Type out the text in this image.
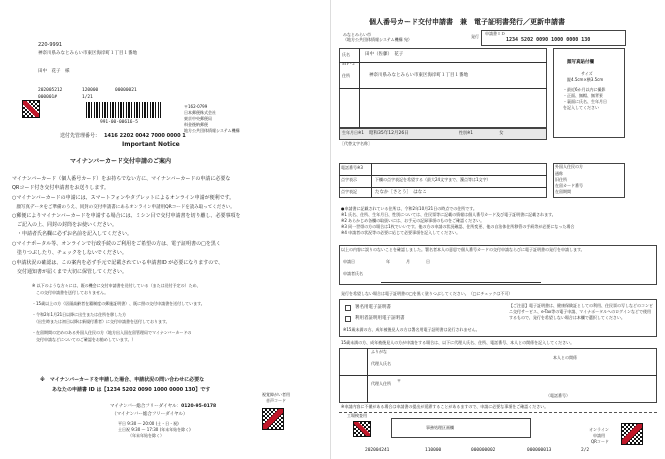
220-9991
神奈川県みなとみらい市東区海岸町１丁目１番地
田中　花子　様
202005212	120000	00000021
000001#	1/21
991-00-00616-5
〒162-0799
日本郵便株式会社
東京中央郵便局
料金後納郵便
地方公共団体情報システム機構
送付先管理番号： 1416 2202 0042 7000 0000 1
Important Notice
マイナンバーカード交付申請のご案内
マイナンバーカード（個人番号カード）をお持ちでない方に、マイナンバーカードの申請に必要な
QRコード付き交付申請書をお送りします。
○マイナンバーカードの申請には、スマートフォンやタブレットによるオンライン申請が便利です。
　顔写真データをご準備のうえ、同封の交付申請書にあるオンライン申請用QRコードを読み取ってください。
○郵便によりマイナンバーカードを申請する場合には、ミシン目で交付申請書を切り離し、必要事項を
　ご記入の上、同封の封筒をお使いください。
　・申請者氏名欄に必ずお名前を記入してください。
○マイナポータル等、オンラインで行政手続のご利用をご希望の方は、電子証明書の□を黒く
　塗りつぶしたり、チェックをしないでください。
○申請状況の確認は、この案内を必ず手元で記載されている申請書ID が必要になりますので、
　交付通知書が届くまで大切に保管してください。
※ 以下のような方々には、既の機会に交付申請書を送付している（または送付予定の）ため、
　この交付申請書を送付しておりません。
・15歳以上の方（居頭高齢者在籍制度の郵施証明書）、既に照の交付申請書を送付しています。
・令和2年1月21日以降に出生または住所を移した方
　（出生時または初日以降は新規付番者）に交付申請書を送付しております。
・在留期間の定めのある外国人住民の方（地方出入国在留管理局でマイナンバーカードの
　交付申請などについてのご確認をお勧めしています。）
※　マイナンバーカードを申請した場合、申請状況の問い合わせに必要な
あなたの申請書 ID は【1234 5202 0090 1000 0000 130】です
マイナンバー総合フリーダイヤル：0120-95-0178
（マイナンバー総合フリーダイヤル）
平日 9:30 ～ 20:00 (土・日・祝)
土日祝 9:30 ～ 17:30 (年末年始を除く)
（年末年始を除く）
視覚障がい者用
音声コード
個人番号カード交付申請書　兼　電子証明書発行／更新申請書
みなとみらい市
（地方公共団体情報システム機構 宛）
発行
申請書ＩＤ
1234 5202 0090 1000 0000 130
氏名
ＭＦ-２
田中（佐藤）　花子
住所	神奈川県みなとみらい市東区海岸町１丁目１番地
生年月日※1 昭和35年12月26日	性別※1	女
［代替文字名称］
顔写真貼付欄
サイズ
縦4.5cm×横3.5cm
・最近6か月以内に撮影
・正面、無帽、無背景
・裏面に氏名、生年月日
を記入してください
電話番号※3
点字表示	下欄の点字表記を希望する（最大24文字まで、濁点等は1文字）
点字表記	たなか［さとう］　はなこ
外国人住民の方
通称
旧住所
在留カード番号
在留期間
●申請書に記載されている住所は、令和2年10月21日の時点での住所です。
※1 氏名、住所、生年月日、性別については、住民票等に記載の情報は個人番号カード及び電子証明書に記載されます。
※2 あらかじめ各欄の取扱いには、お手元の記録事項のものをご確認ください。
※3 同一世帯の方の場合は1枚でいいです。他の方の申請の状況確認、住所変更、他の自治体住所移管の手続等が必要になった場合
※4 申請者の状況等の必要に応じて必要事項を記入してください。
以上の内容に誤りのないことを確認しました。署名者本人の意思で個人番号カードの交付申請ならびに電子証明書の発行を申請します。
申請日	年	月	日
申請者氏名
発行を希望しない場合は電子証明書の□を黒く塗りつぶしてください。（□にチェックは不可）
署名用電子証明書
利用者証明用電子証明書
※15歳未満の方、成年被後見人の方は署名用電子証明書は発行されません。
【ご注意】電子証明書は、健康保険証としての利用、住民票の写しなどのコンビニ交付サービス、e-Tax等の電子申請、マイナポータルへのログインなどで使用するもので、発行を希望しない場合は本欄で選択してください。
15歳未満の方、成年被後見人の方が申請をする場合は、以下に代理人氏名、住所、電話番号、本人との関係を記入してください。
ふりがな
代理人氏名
本人との関係
代理人住所
〒
（電話番号）
※申請内容に不備がある場合は申請書の提出が延滞することがあるますので、申請に必要な事項をご確認ください。
工場検査用
事務処理区画欄	オンライン
申請用
QRコード
202004241	110000	000000002	000000013	2/2
